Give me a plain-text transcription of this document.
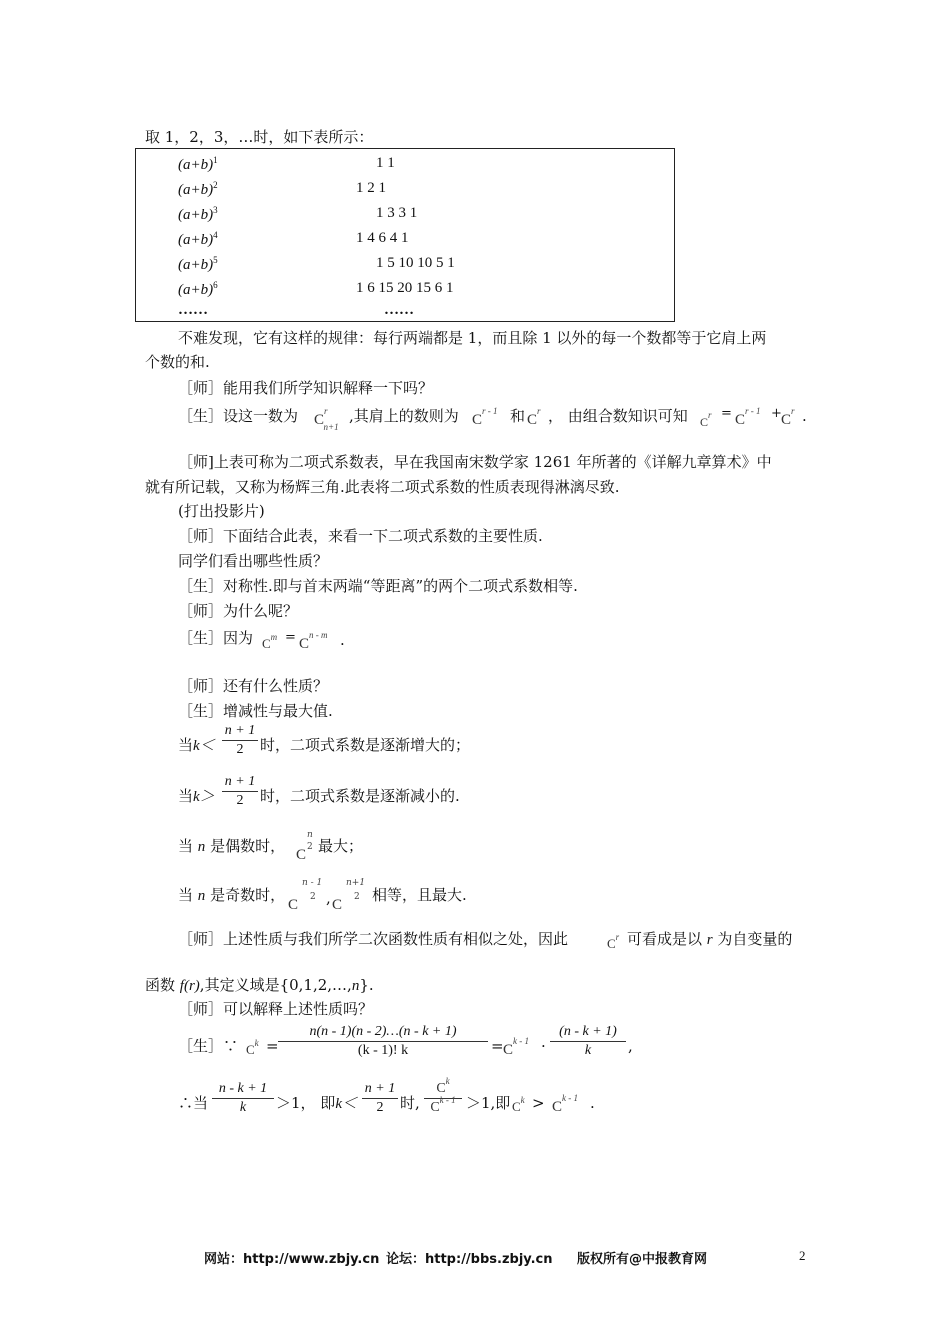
取 1，2，3，…时，如下表所示：
$(a+b)^1$	1 1
$(a+b)^2$	1 2 1
$(a+b)^3$	1 3 3 1
$(a+b)^4$	1 4 6 4 1
$(a+b)^5$	1 5 10 10 5 1
$(a+b)^6$	1 6 15 20 15 6 1
……	……
不难发现，它有这样的规律：每行两端都是 1，而且除 1 以外的每一个数都等于它肩上两
个数的和.
［师］能用我们所学知识解释一下吗？
［生］设这一数为 $C^r_{n+1}$
,其肩上的数则为 $C^{r - 1}$ 和 $C^r$ ， 由组合数知识可知 $C^r = C^{r - 1} + C^r$ .
［师]上表可称为二项式系数表，早在我国南宋数学家 1261 年所著的《详解九章算术》中
就有所记载，又称为杨辉三角.此表将二项式系数的性质表现得淋漓尽致.
(打出投影片)
［师］下面结合此表，来看一下二项式系数的主要性质.
同学们看出哪些性质？
［生］对称性.即与首末两端“等距离”的两个二项式系数相等.
［师］为什么呢？
［生］因为 $C^m = C^{n - m}$ .
［师］还有什么性质？
［生］增减性与最大值.
当k＜
n + 1
2	时，二项式系数是逐渐增大的；
当k＞
n + 1
2	时，二项式系数是逐渐减小的.
当 n 是偶数时， C
n
2 最大；
当 n 是奇数时，
C
n - 1
2 , C
n+1
2 相等，且最大.
［师］上述性质与我们所学二次函数性质有相似之处，因此	$C^r$ 可看成是以 r 为自变量的
函数 f(r),其定义域是{0,1,2,…,n}.
［师］可以解释上述性质吗？
［生］∵ $C^k$ =
n(n - 1)(n - 2)…(n - k + 1)
(k - 1)! k	= $C^{k - 1}$ ·
(n - k + 1)
k	,
∴当
n - k + 1
k	＞1， 即k＜
n + 1
2	时,
$C^k$
$C^{k - 1} >1$,即 $C^k > C^{k - 1}$ .
网站：http://www.zbjy.cn 论坛：http://bbs.zbjy.cn 版权所有@中报教育网	2
